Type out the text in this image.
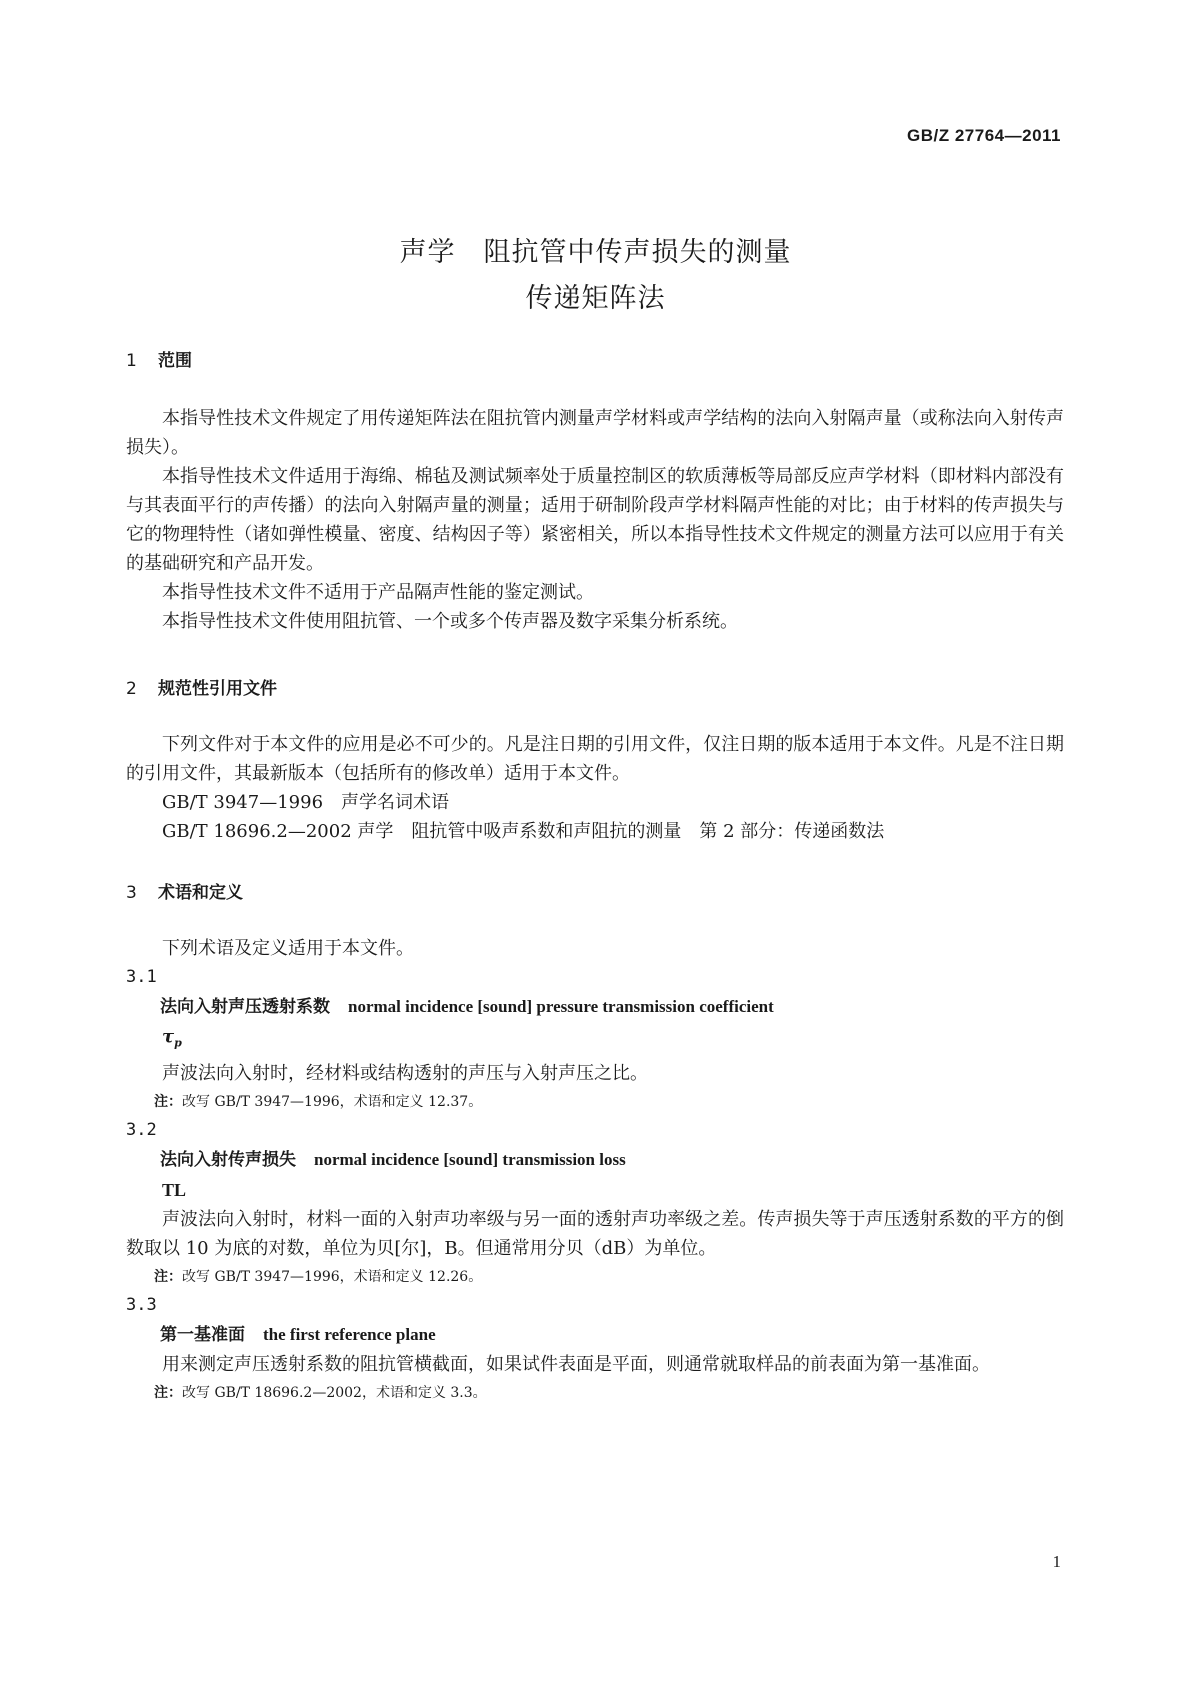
GB/Z 27764—2011
声学　阻抗管中传声损失的测量
传递矩阵法
1 范围

本指导性技术文件规定了用传递矩阵法在阻抗管内测量声学材料或声学结构的法向入射隔声量（或称法向入射传声损失）。

本指导性技术文件适用于海绵、棉毡及测试频率处于质量控制区的软质薄板等局部反应声学材料（即材料内部没有与其表面平行的声传播）的法向入射隔声量的测量；适用于研制阶段声学材料隔声性能的对比；由于材料的传声损失与它的物理特性（诸如弹性模量、密度、结构因子等）紧密相关，所以本指导性技术文件规定的测量方法可以应用于有关的基础研究和产品开发。

本指导性技术文件不适用于产品隔声性能的鉴定测试。

本指导性技术文件使用阻抗管、一个或多个传声器及数字采集分析系统。

2 规范性引用文件

下列文件对于本文件的应用是必不可少的。凡是注日期的引用文件，仅注日期的版本适用于本文件。凡是不注日期的引用文件，其最新版本（包括所有的修改单）适用于本文件。

GB/T 3947—1996　声学名词术语

GB/T 18696.2—2002 声学　阻抗管中吸声系数和声阻抗的测量　第 2 部分：传递函数法

3 术语和定义

下列术语及定义适用于本文件。

3.1

法向入射声压透射系数 normal incidence [sound] pressure transmission coefficient

$\tau_p$

声波法向入射时，经材料或结构透射的声压与入射声压之比。

注：改写 GB/T 3947—1996，术语和定义 12.37。

3.2

法向入射传声损失 normal incidence [sound] transmission loss

TL

声波法向入射时，材料一面的入射声功率级与另一面的透射声功率级之差。传声损失等于声压透射系数的平方的倒数取以 10 为底的对数，单位为贝[尔]，B。但通常用分贝（dB）为单位。

注：改写 GB/T 3947—1996，术语和定义 12.26。

3.3

第一基准面 the first reference plane

用来测定声压透射系数的阻抗管横截面，如果试件表面是平面，则通常就取样品的前表面为第一基准面。

注：改写 GB/T 18696.2—2002，术语和定义 3.3。

1
